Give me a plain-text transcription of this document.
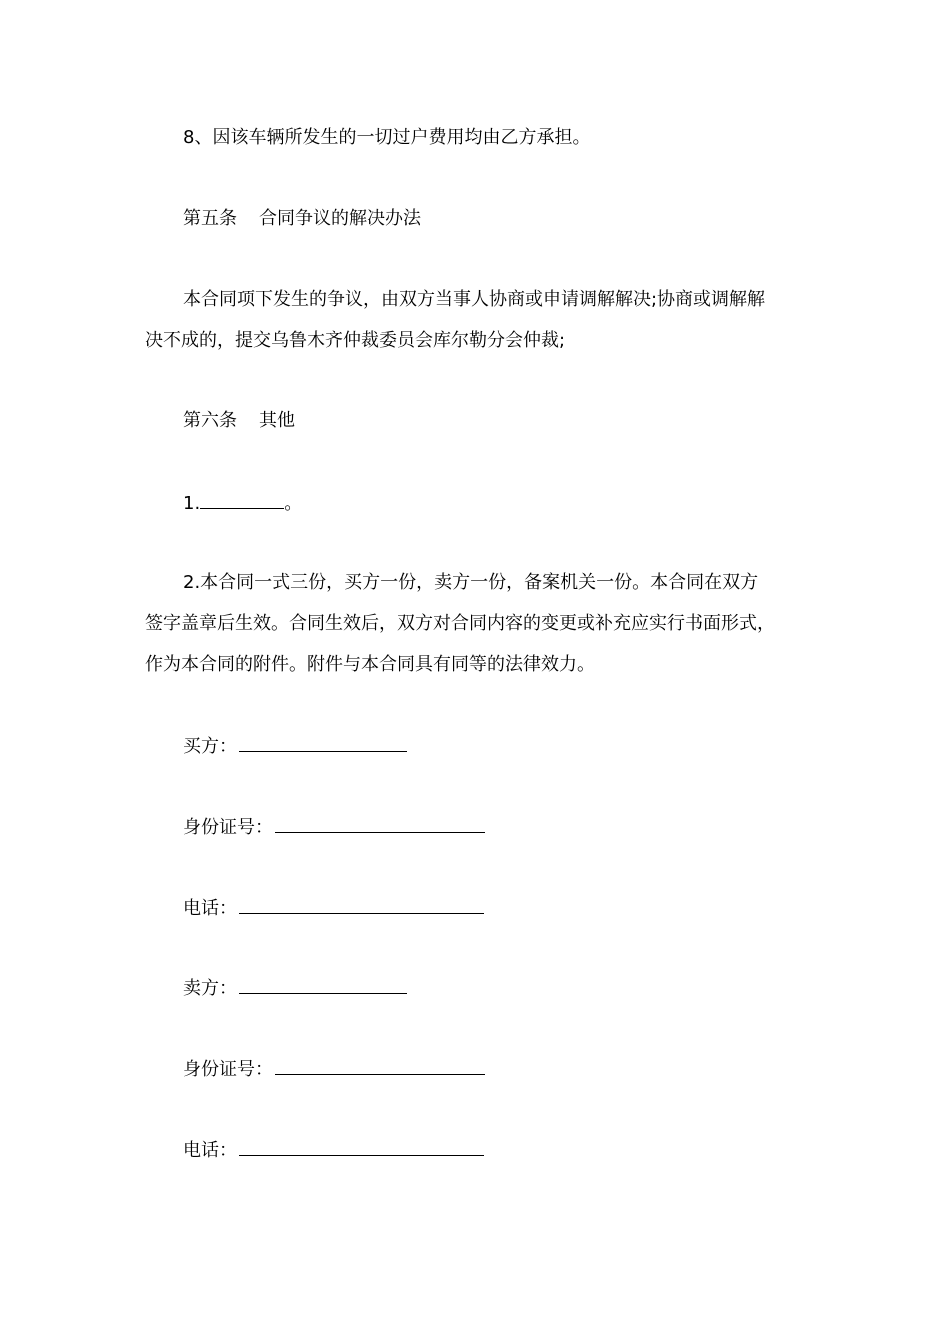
8、因该车辆所发生的一切过户费用均由乙方承担。
第五条 合同争议的解决办法
本合同项下发生的争议，由双方当事人协商或申请调解解决;协商或调解解
决不成的，提交乌鲁木齐仲裁委员会库尔勒分会仲裁;
第六条 其他
1.	。
2.本合同一式三份，买方一份，卖方一份，备案机关一份。本合同在双方
签字盖章后生效。合同生效后，双方对合同内容的变更或补充应实行书面形式，
作为本合同的附件。附件与本合同具有同等的法律效力。
买方：
身份证号：
电话：
卖方：
身份证号：
电话：
